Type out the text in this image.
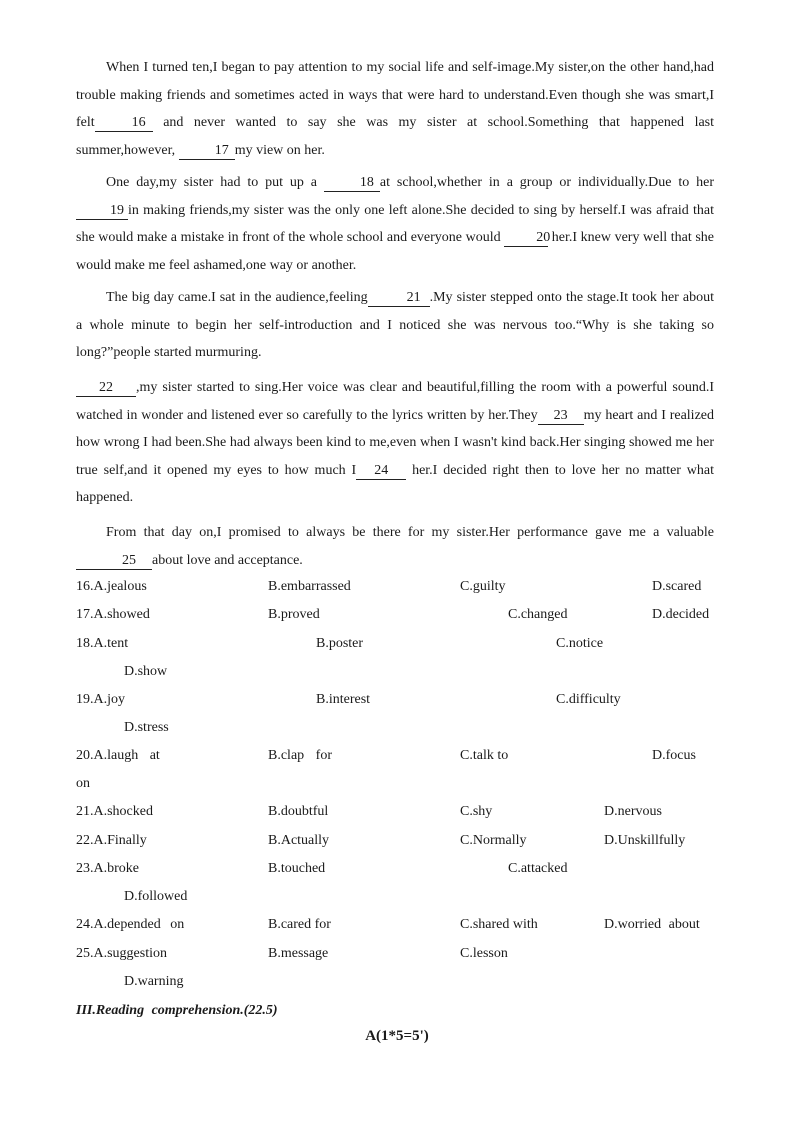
When I turned ten,I began to pay attention to my social life and self-image.My sister,on the other hand,had trouble making friends and sometimes acted in ways that were hard to understand.Even though she was smart,I felt	16 and never wanted to say she was my sister at school.Something that happened last summer,however,	17 my view on her.

One day,my sister had to put up a	18 at school,whether in a group or individually.Due to her 19 in making friends,my sister was the only one left alone.She decided to sing by herself.I was afraid that she would make a mistake in front of the whole school and everyone would	20 her.I knew very well that she would make me feel ashamed,one way or another.

The big day came.I sat in the audience,feeling	21 .My sister stepped onto the stage.It took her about a whole minute to begin her self-introduction and I noticed she was nervous too.“Why is she taking so long?”people started murmuring.

22 ,my sister started to sing.Her voice was clear and beautiful,filling the room with a powerful sound.I watched in wonder and listened ever so carefully to the lyrics written by her.They 23 my heart and I realized how wrong I had been.She had always been kind to me,even when I wasn't kind back.Her singing showed me her true self,and it opened my eyes to how much I 24 her.I decided right then to love her no matter what happened.

From that day on,I promised to always be there for my sister.Her performance gave me a valuable 25 about love and acceptance.

16.A.jealous	B.embarrassed	C.guilty	D.scared
17.A.showed	B.proved	C.changed	D.decided
18.A.tent	B.poster	C.notice
D.show
19.A.joy	B.interest	C.difficulty
D.stress
20.A.laugh at	B.clap for	C.talk to	D.focus
on
21.A.shocked	B.doubtful	C.shy	D.nervous
22.A.Finally	B.Actually	C.Normally	D.Unskillfully
23.A.broke	B.touched	C.attacked
D.followed
24.A.depended on	B.cared for	C.shared with	D.worried about
25.A.suggestion	B.message	C.lesson
D.warning
III.Reading comprehension.(22.5)
A(1*5=5')
